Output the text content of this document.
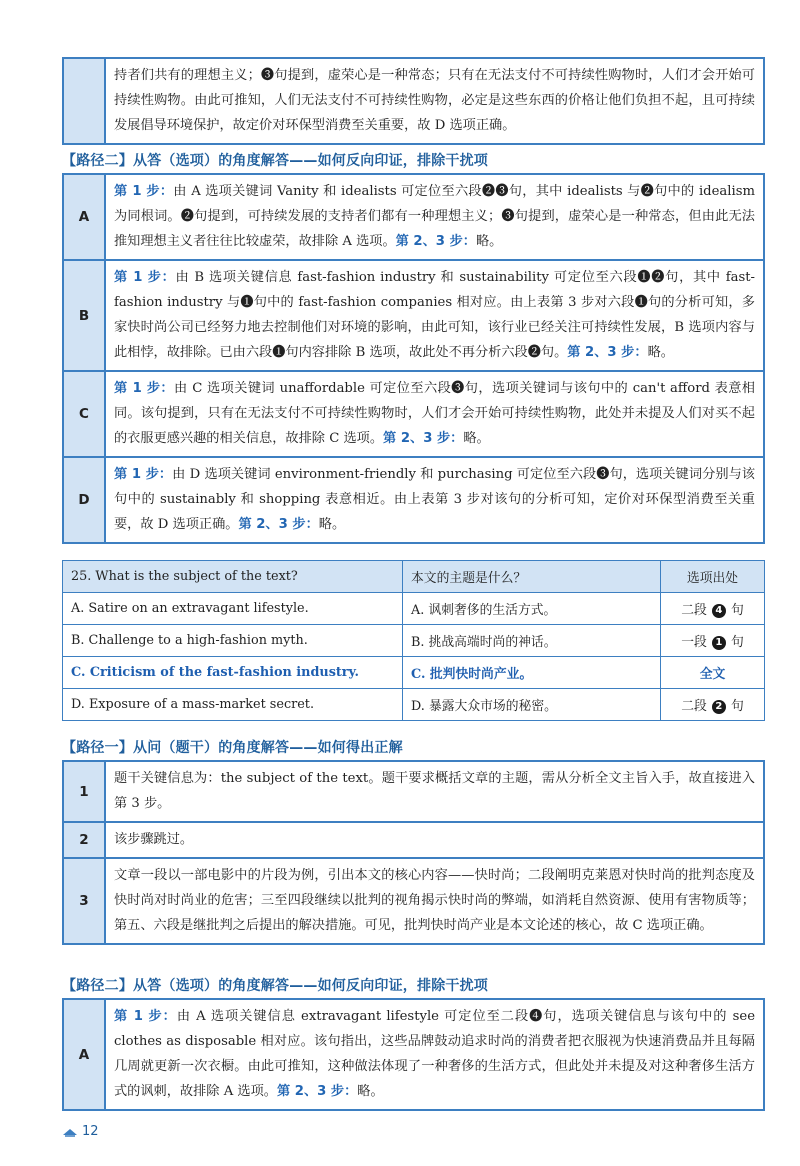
	持者们共有的理想主义；❸句提到，虚荣心是一种常态；只有在无法支付不可持续性购物时，人们才会开始可持续性购物。由此可推知，人们无法支付不可持续性购物，必定是这些东西的价格让他们负担不起，且可持续发展倡导环境保护，故定价对环保型消费至关重要，故 D 选项正确。
【路径二】从答（选项）的角度解答——如何反向印证，排除干扰项
A	第 1 步：由 A 选项关键词 Vanity 和 idealists 可定位至六段❷❸句，其中 idealists 与❷句中的 idealism 为同根词。❷句提到，可持续发展的支持者们都有一种理想主义；❸句提到，虚荣心是一种常态，但由此无法推知理想主义者往往比较虚荣，故排除 A 选项。第 2、3 步：略。
B	第 1 步：由 B 选项关键信息 fast-fashion industry 和 sustainability 可定位至六段❶❷句，其中 fast-fashion industry 与❶句中的 fast-fashion companies 相对应。由上表第 3 步对六段❶句的分析可知，多家快时尚公司已经努力地去控制他们对环境的影响，由此可知，该行业已经关注可持续性发展，B 选项内容与此相悖，故排除。已由六段❶句内容排除 B 选项，故此处不再分析六段❷句。第 2、3 步：略。
C	第 1 步：由 C 选项关键词 unaffordable 可定位至六段❸句，选项关键词与该句中的 can't afford 表意相同。该句提到，只有在无法支付不可持续性购物时，人们才会开始可持续性购物，此处并未提及人们对买不起的衣服更感兴趣的相关信息，故排除 C 选项。第 2、3 步：略。
D	第 1 步：由 D 选项关键词 environment-friendly 和 purchasing 可定位至六段❸句，选项关键词分别与该句中的 sustainably 和 shopping 表意相近。由上表第 3 步对该句的分析可知，定价对环保型消费至关重要，故 D 选项正确。第 2、3 步：略。
25. What is the subject of the text?	本文的主题是什么？	选项出处
A. Satire on an extravagant lifestyle.	A. 讽刺奢侈的生活方式。	二段 4 句
B. Challenge to a high-fashion myth.	B. 挑战高端时尚的神话。	一段 1 句
C. Criticism of the fast-fashion industry.	C. 批判快时尚产业。	全文
D. Exposure of a mass-market secret.	D. 暴露大众市场的秘密。	二段 2 句
【路径一】从问（题干）的角度解答——如何得出正解
1	题干关键信息为：the subject of the text。题干要求概括文章的主题，需从分析全文主旨入手，故直接进入第 3 步。
2	该步骤跳过。
3	文章一段以一部电影中的片段为例，引出本文的核心内容——快时尚；二段阐明克莱恩对快时尚的批判态度及快时尚对时尚业的危害；三至四段继续以批判的视角揭示快时尚的弊端，如消耗自然资源、使用有害物质等；第五、六段是继批判之后提出的解决措施。可见，批判快时尚产业是本文论述的核心，故 C 选项正确。
【路径二】从答（选项）的角度解答——如何反向印证，排除干扰项
A	第 1 步：由 A 选项关键信息 extravagant lifestyle 可定位至二段❹句，选项关键信息与该句中的 see clothes as disposable 相对应。该句指出，这些品牌鼓动追求时尚的消费者把衣服视为快速消费品并且每隔几周就更新一次衣橱。由此可推知，这种做法体现了一种奢侈的生活方式，但此处并未提及对这种奢侈生活方式的讽刺，故排除 A 选项。第 2、3 步：略。
12
